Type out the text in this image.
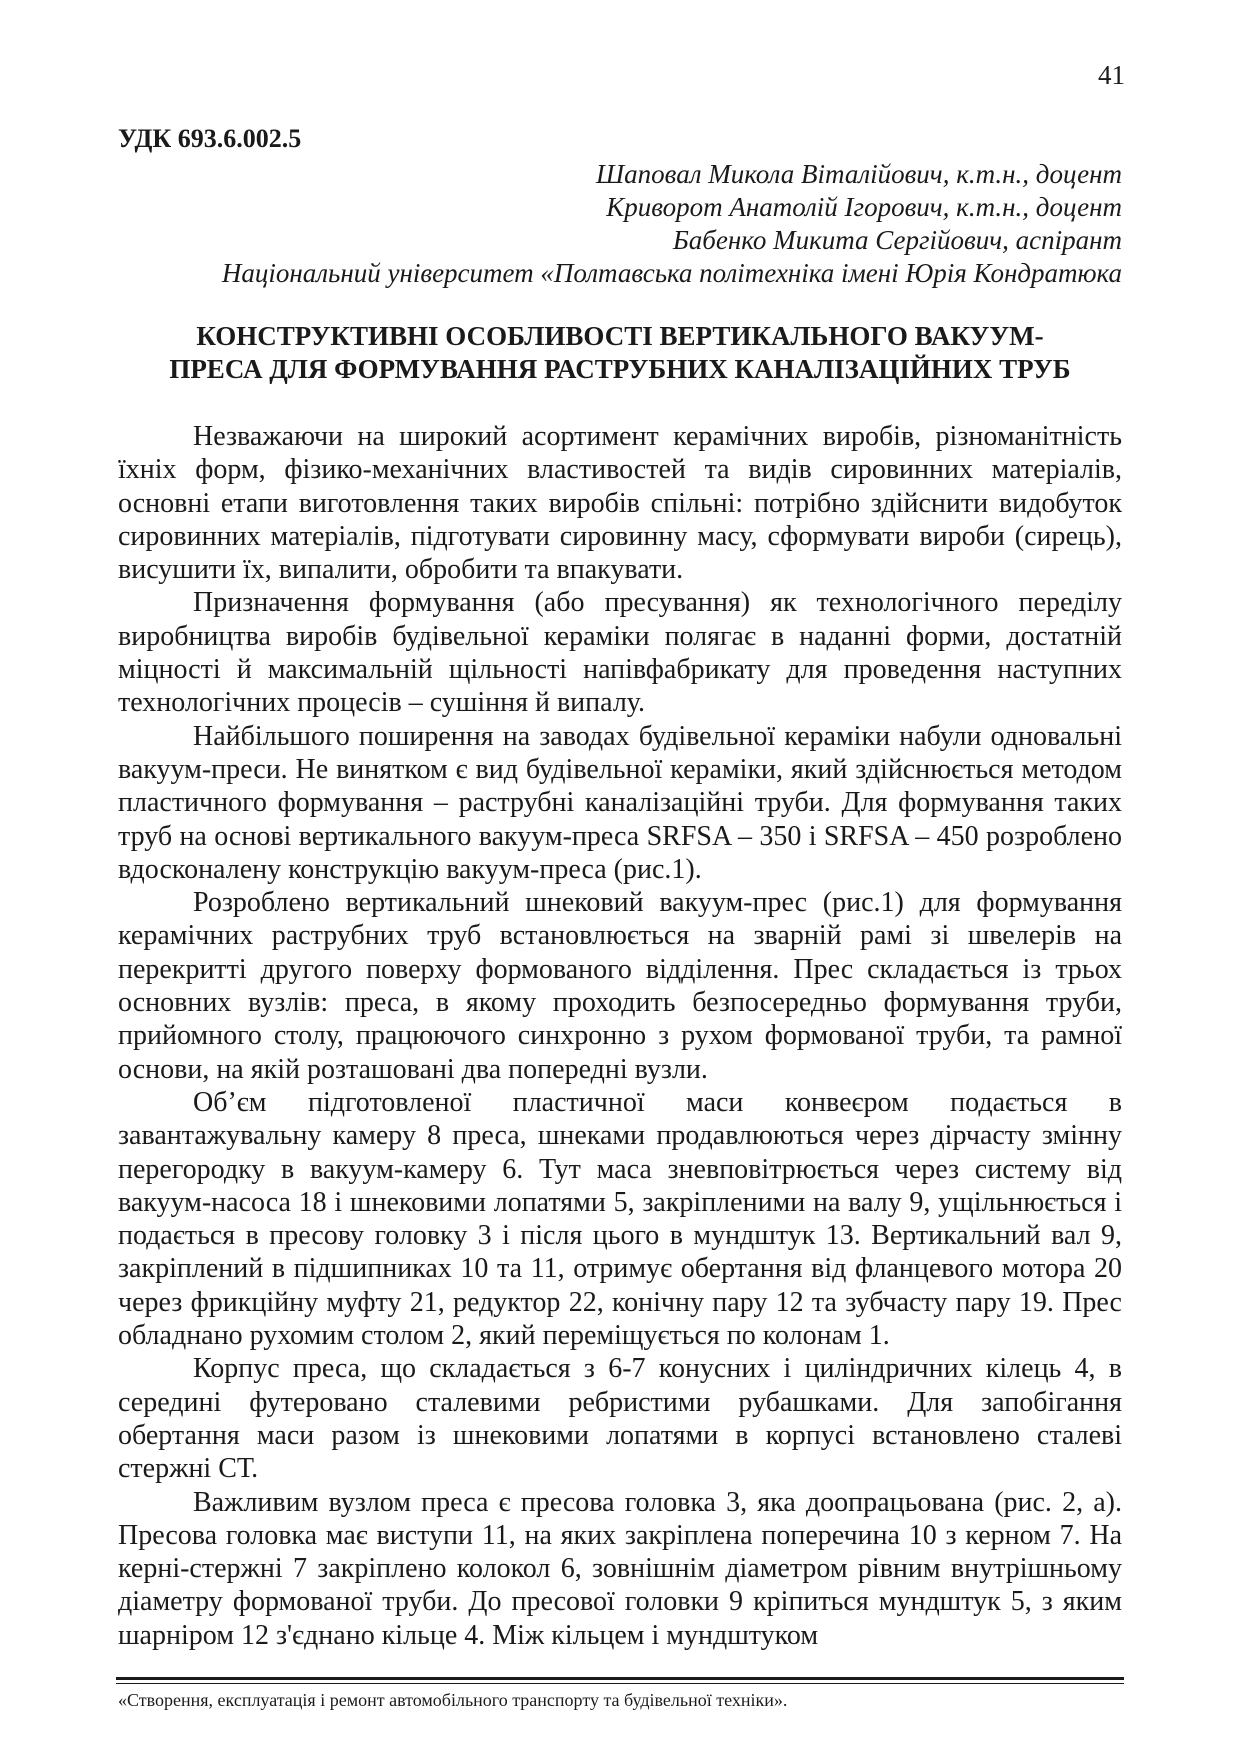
41
УДК 693.6.002.5
Шаповал Микола Віталійович, к.т.н., доцент
Криворот Анатолій Ігорович, к.т.н., доцент
Бабенко Микита Сергійович, аспірант
Національний університет «Полтавська політехніка імені Юрія Кондратюка
КОНСТРУКТИВНІ ОСОБЛИВОСТІ ВЕРТИКАЛЬНОГО ВАКУУМ-
ПРЕСА ДЛЯ ФОРМУВАННЯ РАСТРУБНИХ КАНАЛІЗАЦІЙНИХ ТРУБ

Незважаючи на широкий асортимент керамічних виробів, різноманітність їхніх форм, фізико-механічних властивостей та видів сировинних матеріалів, основні етапи виготовлення таких виробів спільні: потрібно здійснити видобуток сировинних матеріалів, підготувати сировинну масу, сформувати вироби (сирець), висушити їх, випалити, обробити та впакувати.

Призначення формування (або пресування) як технологічного переділу виробництва виробів будівельної кераміки полягає в наданні форми, достатній міцності й максимальній щільності напівфабрикату для проведення наступних технологічних процесів – сушіння й випалу.

Найбільшого поширення на заводах будівельної кераміки набули одновальні вакуум-преси. Не винятком є вид будівельної кераміки, який здійснюється методом пластичного формування – раструбні каналізаційні труби. Для формування таких труб на основі вертикального вакуум-преса SRFSA – 350 і SRFSA – 450 розроблено вдосконалену конструкцію вакуум-преса (рис.1).

Розроблено вертикальний шнековий вакуум-прес (рис.1) для формування керамічних раструбних труб встановлюється на зварній рамі зі швелерів на перекритті другого поверху формованого відділення. Прес складається із трьох основних вузлів: преса, в якому проходить безпосередньо формування труби, прийомного столу, працюючого синхронно з рухом формованої труби, та рамної основи, на якій розташовані два попередні вузли.

Об’єм підготовленої пластичної маси конвеєром подається в завантажувальну камеру 8 преса, шнеками продавлюються через дірчасту змінну перегородку в вакуум-камеру 6. Тут маса зневповітрюється через систему від вакуум-насоса 18 і шнековими лопатями 5, закріпленими на валу 9, ущільнюється і подається в пресову головку 3 і після цього в мундштук 13. Вертикальний вал 9, закріплений в підшипниках 10 та 11, отримує обертання від фланцевого мотора 20 через фрикційну муфту 21, редуктор 22, конічну пару 12 та зубчасту пару 19. Прес обладнано рухомим столом 2, який переміщується по колонам 1.

Корпус преса, що складається з 6-7 конусних і циліндричних кілець 4, в середині футеровано сталевими ребристими рубашками. Для запобігання обертання маси разом із шнековими лопатями в корпусі встановлено сталеві стержні СТ.

Важливим вузлом преса є пресова головка 3, яка доопрацьована (рис. 2, а). Пресова головка має виступи 11, на яких закріплена поперечина 10 з керном 7. На керні-стержні 7 закріплено колокол 6, зовнішнім діаметром рівним внутрішньому діаметру формованої труби. До пресової головки 9 кріпиться мундштук 5, з яким шарніром 12 з'єднано кільце 4. Між кільцем і мундштуком

«Створення, експлуатація і ремонт автомобільного транспорту та будівельної техніки».
